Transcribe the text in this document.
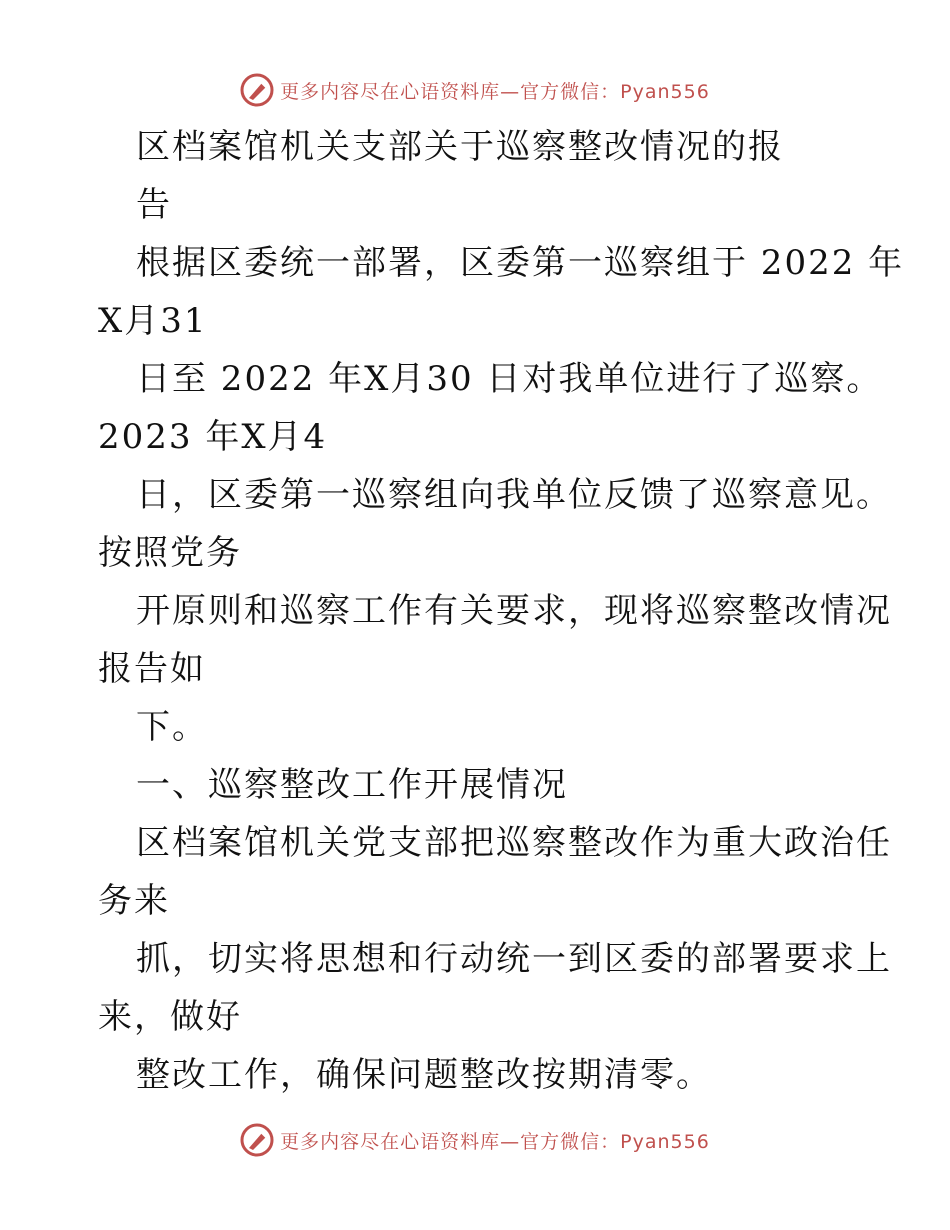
更多内容尽在心语资料库—官方微信：Pyan556
区档案馆机关支部关于巡察整改情况的报
告
根据区委统一部署，区委第一巡察组于 2022 年
X月31
日至 2022 年X月30 日对我单位进行了巡察。
2023 年X月4
日，区委第一巡察组向我单位反馈了巡察意见。
按照党务
开原则和巡察工作有关要求，现将巡察整改情况
报告如
下。
一、巡察整改工作开展情况
区档案馆机关党支部把巡察整改作为重大政治任
务来
抓，切实将思想和行动统一到区委的部署要求上
来，做好
整改工作，确保问题整改按期清零。
更多内容尽在心语资料库—官方微信：Pyan556
